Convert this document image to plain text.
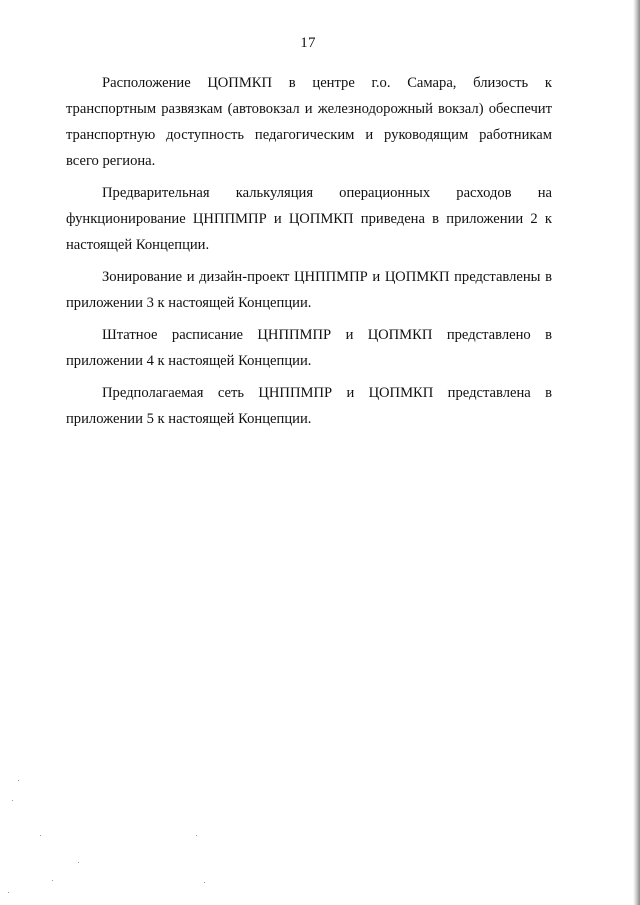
17

Расположение ЦОПМКП в центре г.о. Самара, близость к транспортным развязкам (автовокзал и железнодорожный вокзал) обеспечит транспортную доступность педагогическим и руководящим работникам всего региона.

Предварительная калькуляция операционных расходов на функционирование ЦНППМПР и ЦОПМКП приведена в приложении 2 к настоящей Концепции.

Зонирование и дизайн-проект ЦНППМПР и ЦОПМКП представлены в приложении 3 к настоящей Концепции.

Штатное расписание ЦНППМПР и ЦОПМКП представлено в приложении 4 к настоящей Концепции.

Предполагаемая сеть ЦНППМПР и ЦОПМКП представлена в приложении 5 к настоящей Концепции.
